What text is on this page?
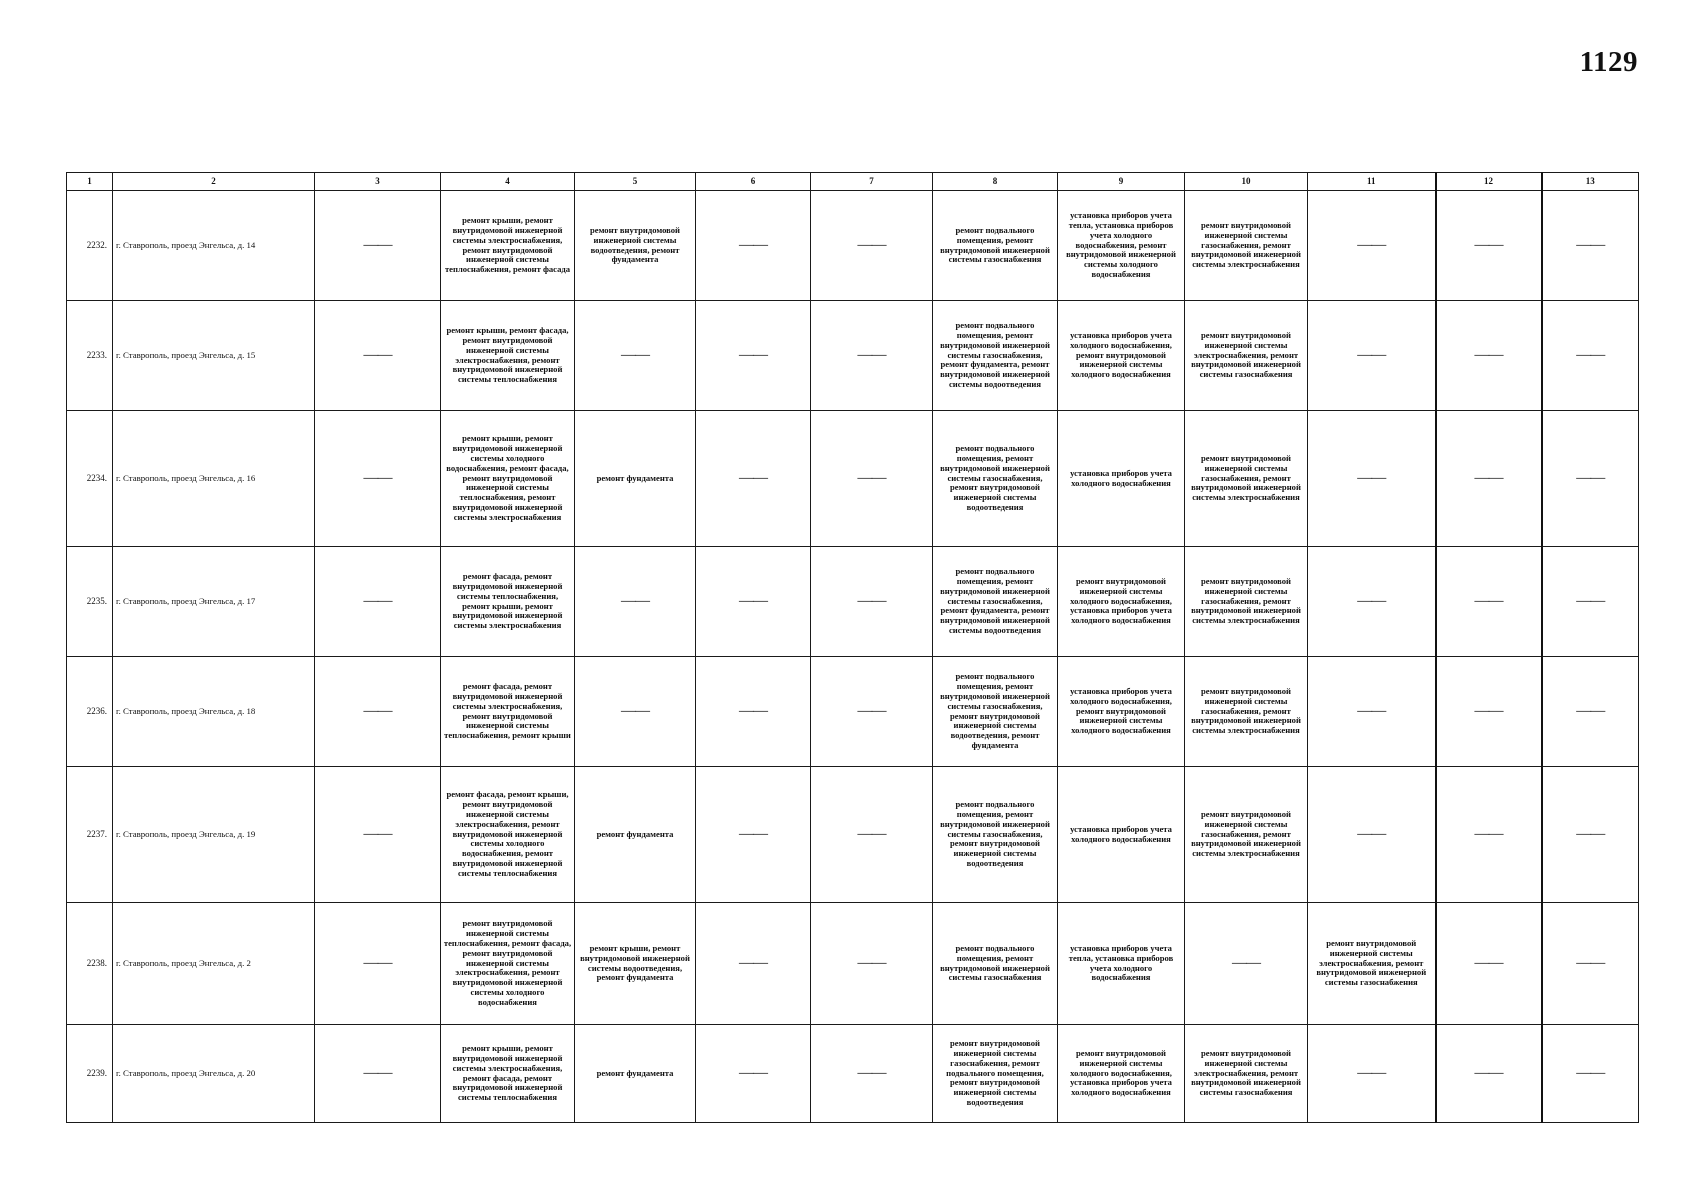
1129
1	2	3	4	5	6	7	8	9	10	11	12	13
2232.	г. Ставрополь, проезд Энгельса, д. 14	——	ремонт крыши, ремонт внутридомовой инженерной системы электроснабжения, ремонт внутридомовой инженерной системы теплоснабжения, ремонт фасада	ремонт внутридомовой инженерной системы водоотведения, ремонт фундамента	——	——	ремонт подвального помещения, ремонт внутридомовой инженерной системы газоснабжения	установка приборов учета тепла, установка приборов учета холодного водоснабжения, ремонт внутридомовой инженерной системы холодного водоснабжения	ремонт внутридомовой инженерной системы газоснабжения, ремонт внутридомовой инженерной системы электроснабжения	——	——	——
2233.	г. Ставрополь, проезд Энгельса, д. 15	——	ремонт крыши, ремонт фасада, ремонт внутридомовой инженерной системы электроснабжения, ремонт внутридомовой инженерной системы теплоснабжения	——	——	——	ремонт подвального помещения, ремонт внутридомовой инженерной системы газоснабжения, ремонт фундамента, ремонт внутридомовой инженерной системы водоотведения	установка приборов учета холодного водоснабжения, ремонт внутридомовой инженерной системы холодного водоснабжения	ремонт внутридомовой инженерной системы электроснабжения, ремонт внутридомовой инженерной системы газоснабжения	——	——	——
2234.	г. Ставрополь, проезд Энгельса, д. 16	——	ремонт крыши, ремонт внутридомовой инженерной системы холодного водоснабжения, ремонт фасада, ремонт внутридомовой инженерной системы теплоснабжения, ремонт внутридомовой инженерной системы электроснабжения	ремонт фундамента	——	——	ремонт подвального помещения, ремонт внутридомовой инженерной системы газоснабжения, ремонт внутридомовой инженерной системы водоотведения	установка приборов учета холодного водоснабжения	ремонт внутридомовой инженерной системы газоснабжения, ремонт внутридомовой инженерной системы электроснабжения	——	——	——
2235.	г. Ставрополь, проезд Энгельса, д. 17	——	ремонт фасада, ремонт внутридомовой инженерной системы теплоснабжения, ремонт крыши, ремонт внутридомовой инженерной системы электроснабжения	——	——	——	ремонт подвального помещения, ремонт внутридомовой инженерной системы газоснабжения, ремонт фундамента, ремонт внутридомовой инженерной системы водоотведения	ремонт внутридомовой инженерной системы холодного водоснабжения, установка приборов учета холодного водоснабжения	ремонт внутридомовой инженерной системы газоснабжения, ремонт внутридомовой инженерной системы электроснабжения	——	——	——
2236.	г. Ставрополь, проезд Энгельса, д. 18	——	ремонт фасада, ремонт внутридомовой инженерной системы электроснабжения, ремонт внутридомовой инженерной системы теплоснабжения, ремонт крыши	——	——	——	ремонт подвального помещения, ремонт внутридомовой инженерной системы газоснабжения, ремонт внутридомовой инженерной системы водоотведения, ремонт фундамента	установка приборов учета холодного водоснабжения, ремонт внутридомовой инженерной системы холодного водоснабжения	ремонт внутридомовой инженерной системы газоснабжения, ремонт внутридомовой инженерной системы электроснабжения	——	——	——
2237.	г. Ставрополь, проезд Энгельса, д. 19	——	ремонт фасада, ремонт крыши, ремонт внутридомовой инженерной системы электроснабжения, ремонт внутридомовой инженерной системы холодного водоснабжения, ремонт внутридомовой инженерной системы теплоснабжения	ремонт фундамента	——	——	ремонт подвального помещения, ремонт внутридомовой инженерной системы газоснабжения, ремонт внутридомовой инженерной системы водоотведения	установка приборов учета холодного водоснабжения	ремонт внутридомовой инженерной системы газоснабжения, ремонт внутридомовой инженерной системы электроснабжения	——	——	——
2238.	г. Ставрополь, проезд Энгельса, д. 2	——	ремонт внутридомовой инженерной системы теплоснабжения, ремонт фасада, ремонт внутридомовой инженерной системы электроснабжения, ремонт внутридомовой инженерной системы холодного водоснабжения	ремонт крыши, ремонт внутридомовой инженерной системы водоотведения, ремонт фундамента	——	——	ремонт подвального помещения, ремонт внутридомовой инженерной системы газоснабжения	установка приборов учета тепла, установка приборов учета холодного водоснабжения	——	ремонт внутридомовой инженерной системы электроснабжения, ремонт внутридомовой инженерной системы газоснабжения	——	——
2239.	г. Ставрополь, проезд Энгельса, д. 20	——	ремонт крыши, ремонт внутридомовой инженерной системы электроснабжения, ремонт фасада, ремонт внутридомовой инженерной системы теплоснабжения	ремонт фундамента	——	——	ремонт внутридомовой инженерной системы газоснабжения, ремонт подвального помещения, ремонт внутридомовой инженерной системы водоотведения	ремонт внутридомовой инженерной системы холодного водоснабжения, установка приборов учета холодного водоснабжения	ремонт внутридомовой инженерной системы электроснабжения, ремонт внутридомовой инженерной системы газоснабжения	——	——	——
